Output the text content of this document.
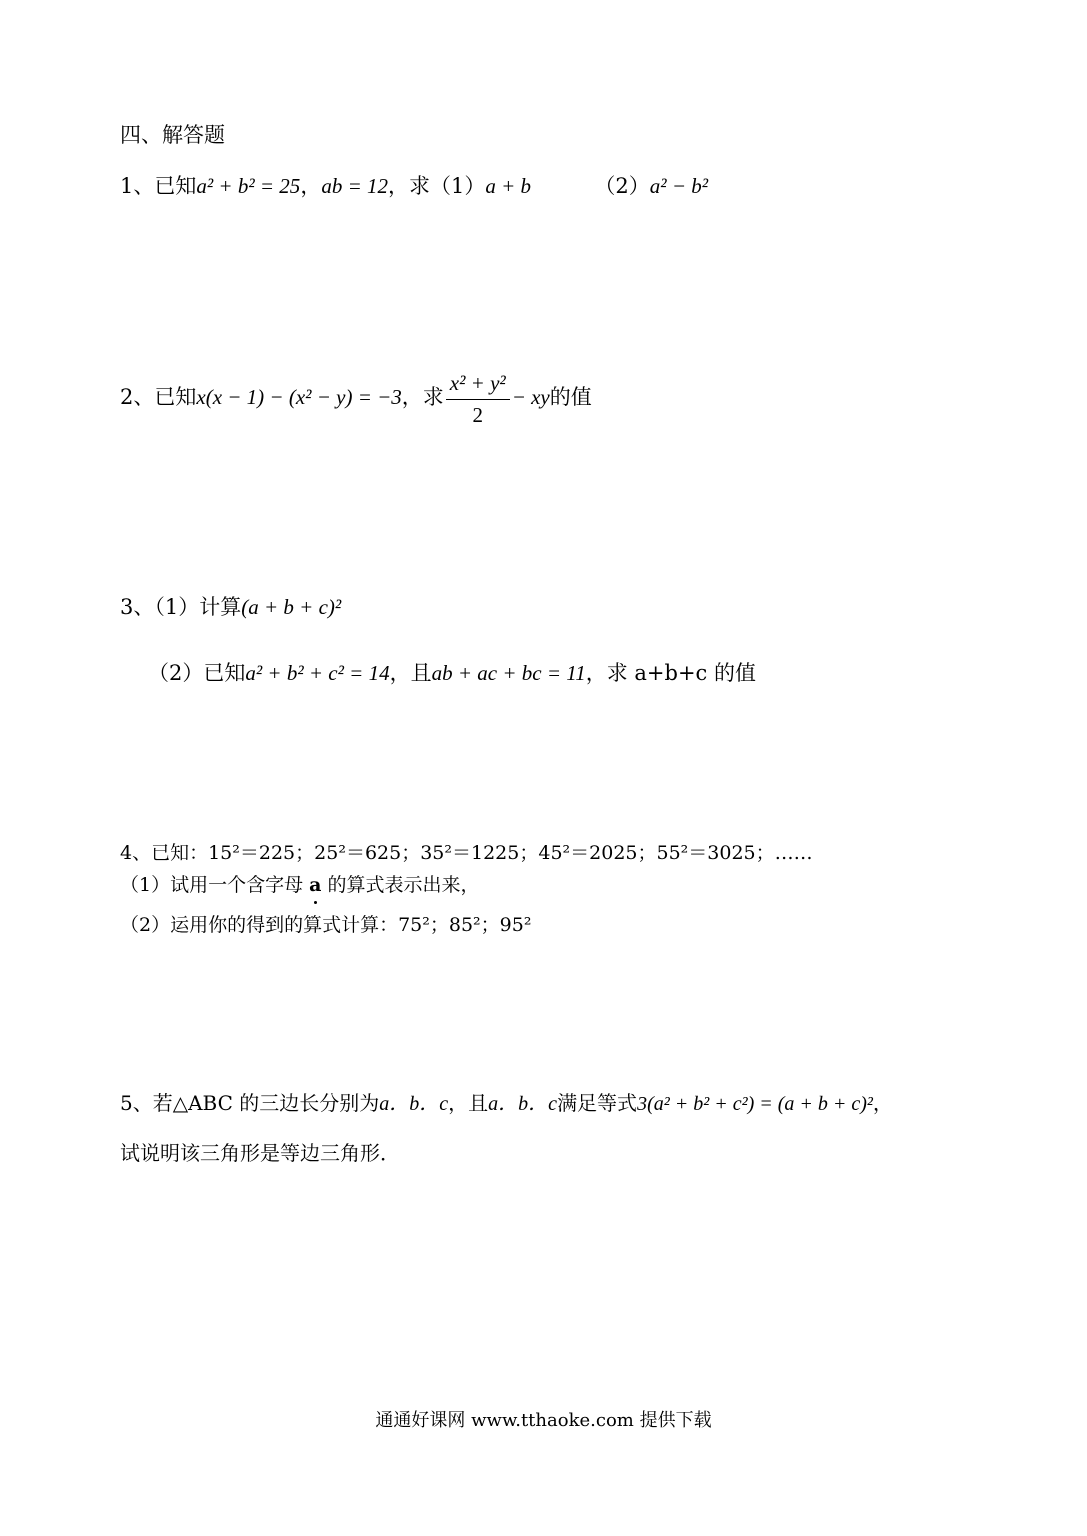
四、解答题
1、已知a² + b² = 25，ab = 12，求（1）a + b	（2）a² − b²
2、已知x(x − 1) − (x² − y) = −3，求 $\frac{\text{x² + y²}}{2}$ − xy的值
3、（1）计算(a + b + c)²
（2）已知a² + b² + c² = 14，且ab + ac + bc = 11，求 a+b+c 的值
4、已知：15²＝225；25²＝625；35²＝1225；45²＝2025；55²＝3025；……
（1）试用一个含字母 a 的算式表示出来，
（2）运用你的得到的算式计算：75²；85²；95²
5、若△ABC 的三边长分别为a．b．c，且a．b．c满足等式3(a² + b² + c²) = (a + b + c)²，
试说明该三角形是等边三角形．
通通好课网 www.tthaoke.com 提供下载
